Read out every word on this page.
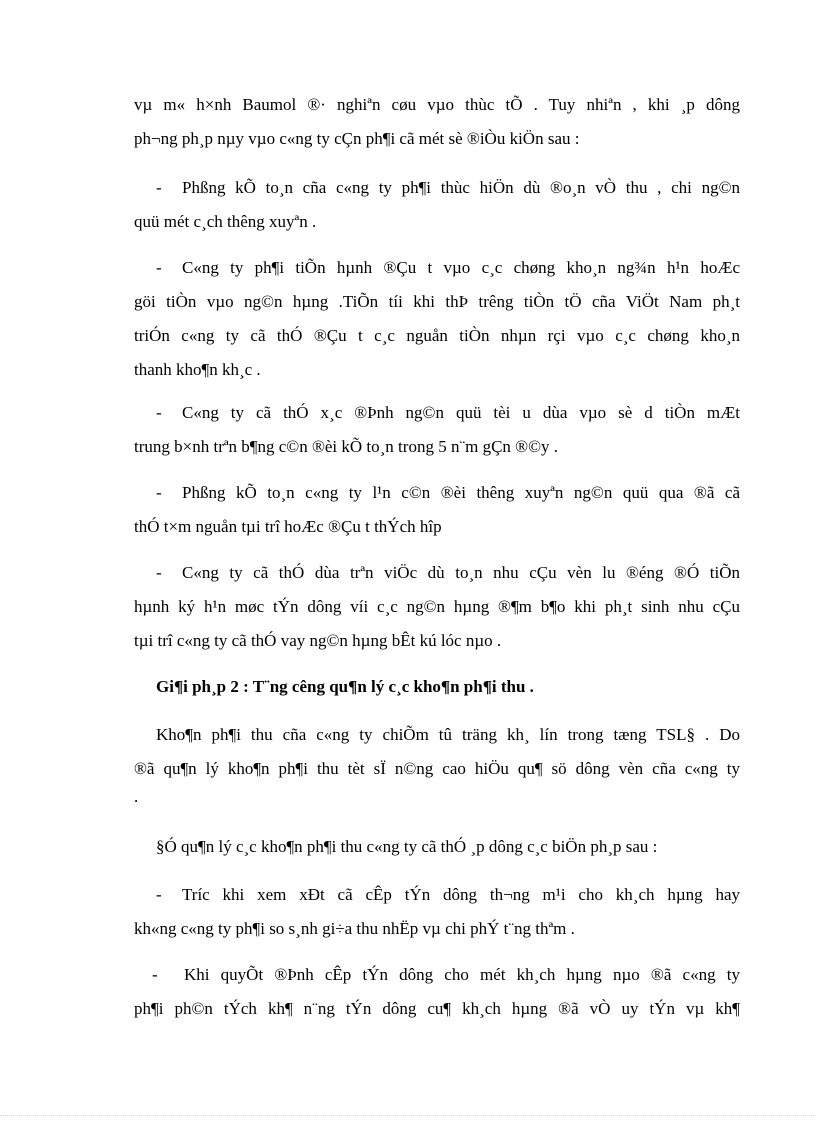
vµ m« h×nh Baumol ®· nghiªn cøu vµo thùc tÕ . Tuy nhiªn , khi ¸p dông
ph¬ng ph¸p nµy vµo c«ng ty cÇn ph¶i cã mét sè ®iÒu kiÖn sau :
- Phßng kÕ to¸n cña c«ng ty ph¶i thùc hiÖn dù ®o¸n vÒ thu , chi ng©n
quü mét c¸ch thêng xuyªn .
- C«ng ty ph¶i tiÕn hµnh ®Çu t vµo c¸c chøng kho¸n ng¾n h¹n hoÆc
göi tiÒn vµo ng©n hµng .TiÕn tíi khi thÞ trêng tiÒn tÖ cña ViÖt Nam ph¸t
triÓn c«ng ty cã thÓ ®Çu t c¸c nguån tiÒn nhµn rçi vµo c¸c chøng kho¸n
thanh kho¶n kh¸c .
- C«ng ty cã thÓ x¸c ®Þnh ng©n quü tèi u dùa vµo sè d tiÒn mÆt
trung b×nh trªn b¶ng c©n ®èi kÕ to¸n trong 5 n¨m gÇn ®©y .
- Phßng kÕ to¸n c«ng ty l¹n c©n ®èi thêng xuyªn ng©n quü qua ®ã cã
thÓ t×m nguån tµi trî hoÆc ®Çu t thÝch hîp
- C«ng ty cã thÓ dùa trªn viÖc dù to¸n nhu cÇu vèn lu ®éng ®Ó tiÕn
hµnh ký h¹n møc tÝn dông víi c¸c ng©n hµng ®¶m b¶o khi ph¸t sinh nhu cÇu
tµi trî c«ng ty cã thÓ vay ng©n hµng bÊt kú lóc nµo .
Gi¶i ph¸p 2 : T¨ng cêng qu¶n lý c¸c kho¶n ph¶i thu .
Kho¶n ph¶i thu cña c«ng ty chiÕm tû träng kh¸ lín trong tæng TSL§ . Do
®ã qu¶n lý kho¶n ph¶i thu tèt sÏ n©ng cao hiÖu qu¶ sö dông vèn cña c«ng ty
.
§Ó qu¶n lý c¸c kho¶n ph¶i thu c«ng ty cã thÓ ¸p dông c¸c biÖn ph¸p sau :
- Tríc khi xem xÐt cã cÊp tÝn dông th¬ng m¹i cho kh¸ch hµng hay
kh«ng c«ng ty ph¶i so s¸nh gi÷a thu nhËp vµ chi phÝ t¨ng thªm .
- Khi quyÕt ®Þnh cÊp tÝn dông cho mét kh¸ch hµng nµo ®ã c«ng ty
ph¶i ph©n tÝch kh¶ n¨ng tÝn dông cu¶ kh¸ch hµng ®ã vÒ uy tÝn vµ kh¶
